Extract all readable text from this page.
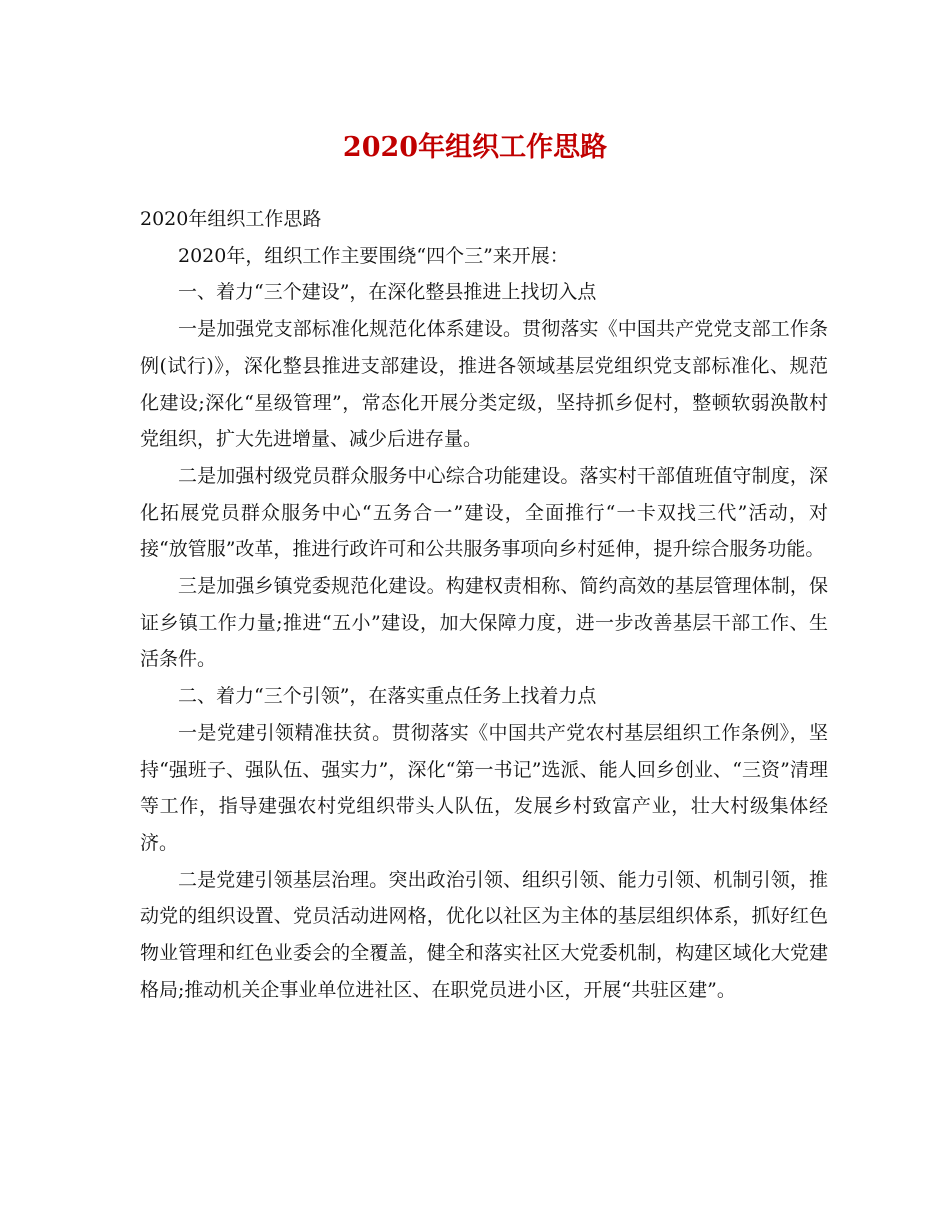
2020年组织工作思路

2020年组织工作思路

2020年，组织工作主要围绕“四个三”来开展：

一、着力“三个建设”，在深化整县推进上找切入点

一是加强党支部标准化规范化体系建设。贯彻落实《中国共产党党支部工作条例(试行)》，深化整县推进支部建设，推进各领域基层党组织党支部标准化、规范化建设;深化“星级管理”，常态化开展分类定级，坚持抓乡促村，整顿软弱涣散村党组织，扩大先进增量、减少后进存量。

二是加强村级党员群众服务中心综合功能建设。落实村干部值班值守制度，深化拓展党员群众服务中心“五务合一”建设，全面推行“一卡双找三代”活动，对接“放管服”改革，推进行政许可和公共服务事项向乡村延伸，提升综合服务功能。

三是加强乡镇党委规范化建设。构建权责相称、简约高效的基层管理体制，保证乡镇工作力量;推进“五小”建设，加大保障力度，进一步改善基层干部工作、生活条件。

二、着力“三个引领”，在落实重点任务上找着力点

一是党建引领精准扶贫。贯彻落实《中国共产党农村基层组织工作条例》，坚持“强班子、强队伍、强实力”，深化“第一书记”选派、能人回乡创业、“三资”清理等工作，指导建强农村党组织带头人队伍，发展乡村致富产业，壮大村级集体经济。

二是党建引领基层治理。突出政治引领、组织引领、能力引领、机制引领，推动党的组织设置、党员活动进网格，优化以社区为主体的基层组织体系，抓好红色物业管理和红色业委会的全覆盖，健全和落实社区大党委机制，构建区域化大党建格局;推动机关企事业单位进社区、在职党员进小区，开展“共驻区建”。
